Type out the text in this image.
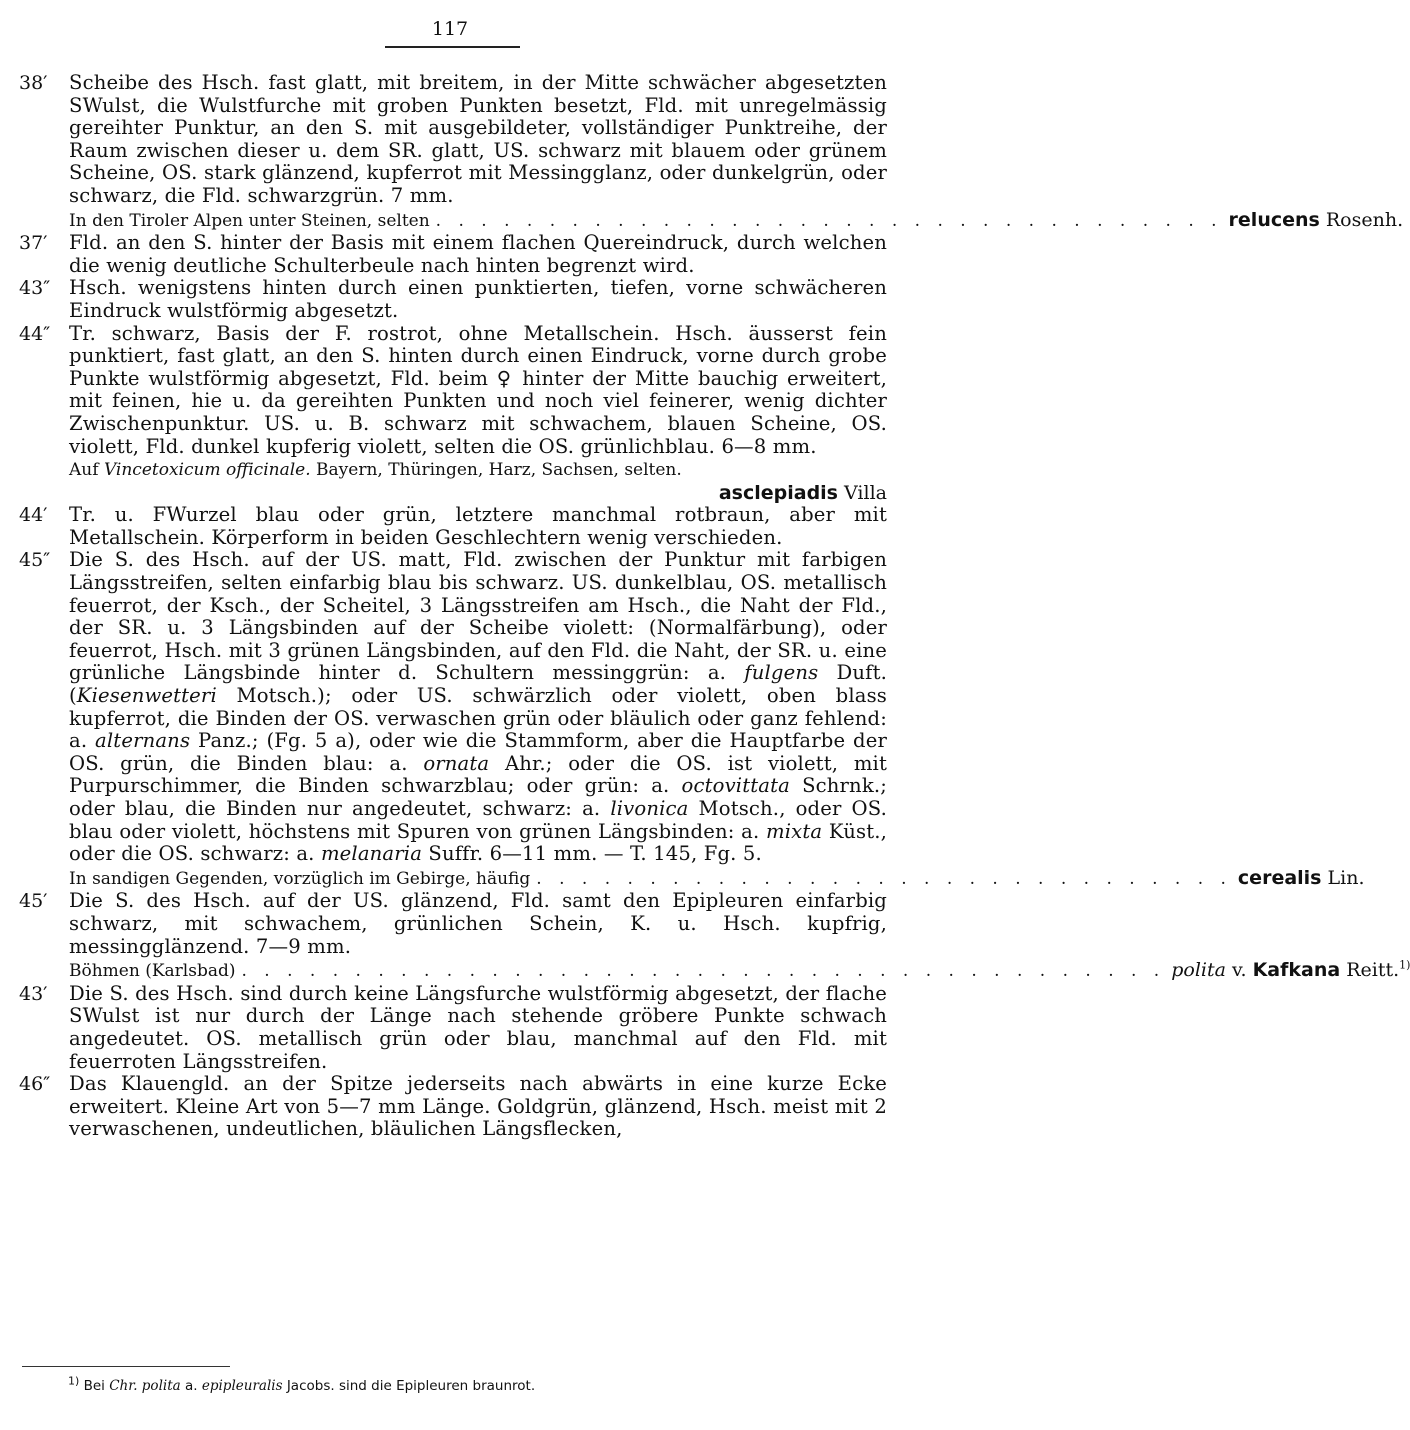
117
38′	Scheibe des Hsch. fast glatt, mit breitem, in der Mitte schwächer abgesetzten SWulst, die Wulstfurche mit groben Punkten besetzt, Fld. mit unregelmässig gereihter Punktur, an den S. mit ausgebildeter, vollständiger Punktreihe, der Raum zwischen dieser u. dem SR. glatt, US. schwarz mit blauem oder grünem Scheine, OS. stark glänzend, kupferrot mit Messingglanz, oder dunkelgrün, oder schwarz, die Fld. schwarzgrün. 7 mm.
In den Tiroler Alpen unter Steinen, selten . . . . . . . . . . . . . . . . . . . . . . . . . . . . . . . . . . . relucens Rosenh.
37′	Fld. an den S. hinter der Basis mit einem flachen Quereindruck, durch welchen die wenig deutliche Schulterbeule nach hinten begrenzt wird.
43″ Hsch. wenigstens hinten durch einen punktierten, tiefen, vorne schwächeren Eindruck wulstförmig abgesetzt.
44″ Tr. schwarz, Basis der F. rostrot, ohne Metallschein. Hsch. äusserst fein punktiert, fast glatt, an den S. hinten durch einen Eindruck, vorne durch grobe Punkte wulstförmig abgesetzt, Fld. beim ♀ hinter der Mitte bauchig erweitert, mit feinen, hie u. da gereihten Punkten und noch viel feinerer, wenig dichter Zwischenpunktur. US. u. B. schwarz mit schwachem, blauen Scheine, OS. violett, Fld. dunkel kupferig violett, selten die OS. grünlichblau. 6—8 mm.
Auf Vincetoxicum officinale. Bayern, Thüringen, Harz, Sachsen, selten.
asclepiadis Villa
44′	Tr. u. FWurzel blau oder grün, letztere manchmal rotbraun, aber mit Metallschein. Körperform in beiden Geschlechtern wenig verschieden.
45″ Die S. des Hsch. auf der US. matt, Fld. zwischen der Punktur mit farbigen Längsstreifen, selten einfarbig blau bis schwarz. US. dunkelblau, OS. metallisch feuerrot, der Ksch., der Scheitel, 3 Längsstreifen am Hsch., die Naht der Fld., der SR. u. 3 Längsbinden auf der Scheibe violett: (Normalfärbung), oder feuerrot, Hsch. mit 3 grünen Längsbinden, auf den Fld. die Naht, der SR. u. eine grünliche Längsbinde hinter d. Schultern messinggrün: a. fulgens Duft. (Kiesenwetteri Motsch.); oder US. schwärzlich oder violett, oben blass kupferrot, die Binden der OS. verwaschen grün oder bläulich oder ganz fehlend: a. alternans Panz.; (Fg. 5 a), oder wie die Stammform, aber die Hauptfarbe der OS. grün, die Binden blau: a. ornata Ahr.; oder die OS. ist violett, mit Purpurschimmer, die Binden schwarzblau; oder grün: a. octovittata Schrnk.; oder blau, die Binden nur angedeutet, schwarz: a. livonica Motsch., oder OS. blau oder violett, höchstens mit Spuren von grünen Längsbinden: a. mixta Küst., oder die OS. schwarz: a. melanaria Suffr. 6—11 mm. — T. 145, Fg. 5.
In sandigen Gegenden, vorzüglich im Gebirge, häufig . . . . . . . . . . . . . . . . . . . . . . . . . . . . . . . cerealis Lin.
45′	Die S. des Hsch. auf der US. glänzend, Fld. samt den Epipleuren einfarbig schwarz, mit schwachem, grünlichen Schein, K. u. Hsch. kupfrig, messingglänzend. 7—9 mm.
Böhmen (Karlsbad) . . . . . . . . . . . . . . . . . . . . . . . . . . . . . . . . . . . . . . . . . polita v. Kafkana Reitt.$^{1)}$
43′	Die S. des Hsch. sind durch keine Längsfurche wulstförmig abgesetzt, der flache SWulst ist nur durch der Länge nach stehende gröbere Punkte schwach angedeutet. OS. metallisch grün oder blau, manchmal auf den Fld. mit feuerroten Längsstreifen.
46″ Das Klauengld. an der Spitze jederseits nach abwärts in eine kurze Ecke erweitert. Kleine Art von 5—7 mm Länge. Goldgrün, glänzend, Hsch. meist mit 2 verwaschenen, undeutlichen, bläulichen Längsflecken,
$^{1)}$ Bei Chr. polita a. epipleuralis Jacobs. sind die Epipleuren braunrot.
